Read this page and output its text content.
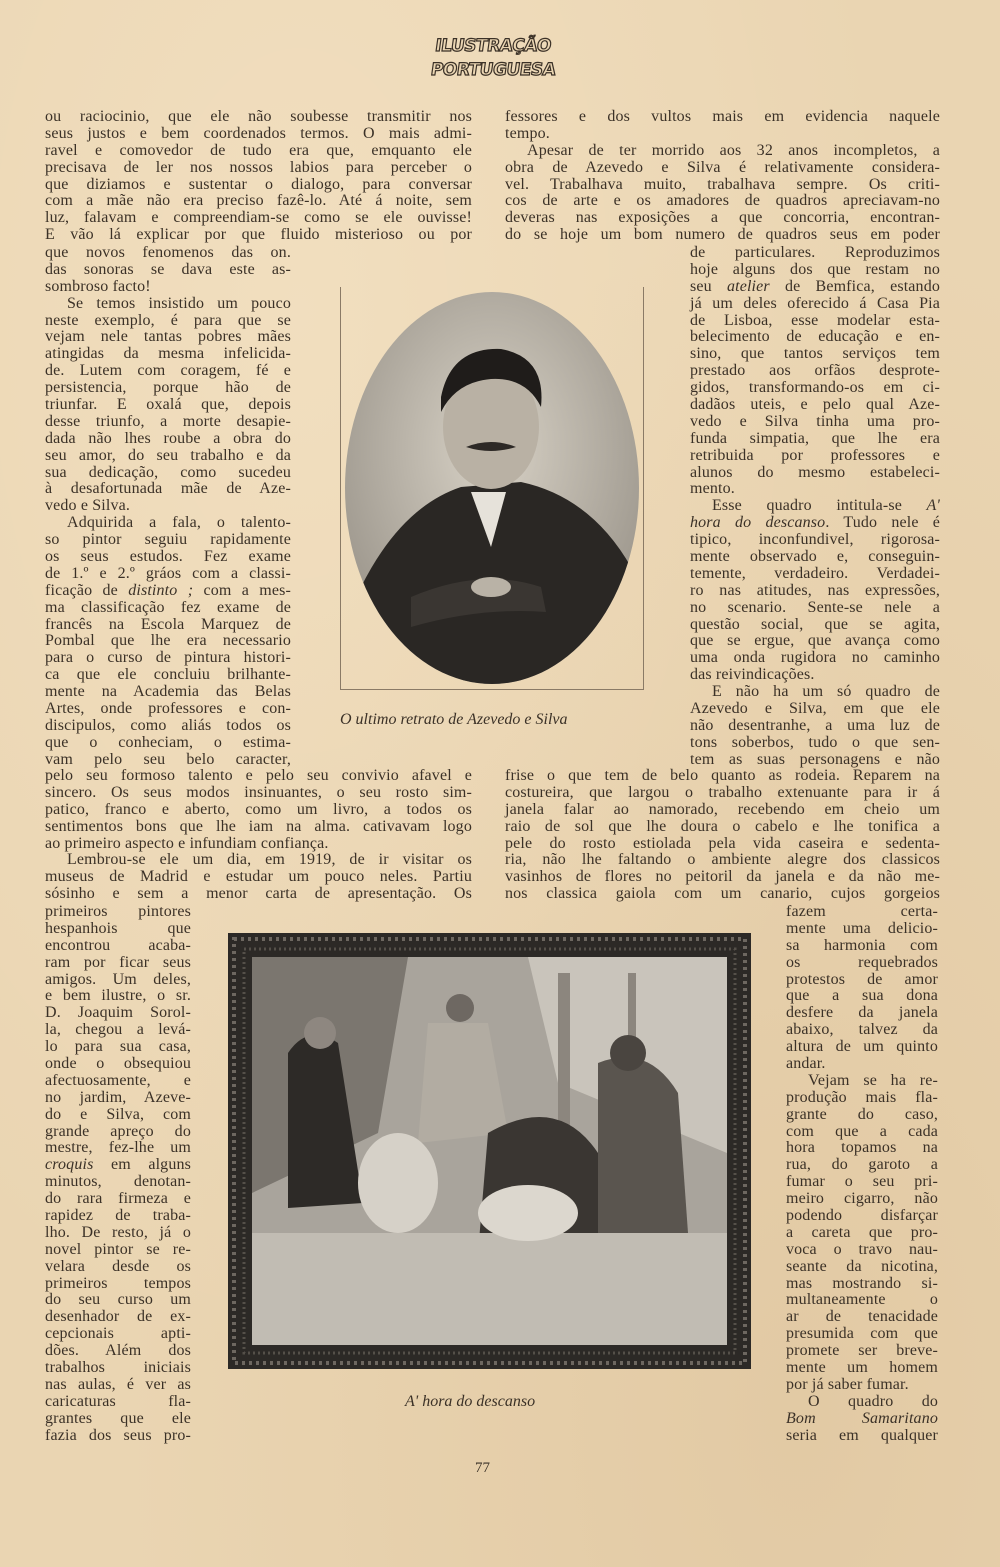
ILUSTRAÇÃO
PORTUGUESA
ou raciocinio, que ele não soubesse transmitir nos
seus justos e bem coordenados termos. O mais admi-
ravel e comovedor de tudo era que, emquanto ele
precisava de ler nos nossos labios para perceber o
que diziamos e sustentar o dialogo, para conversar
com a mãe não era preciso fazê-lo. Até á noite, sem
luz, falavam e compreendiam-se como se ele ouvisse!
E vão lá explicar por que fluido misterioso ou por
que novos fenomenos das on.
das sonoras se dava este as-
sombroso facto!
Se temos insistido um pouco
neste exemplo, é para que se
vejam nele tantas pobres mães
atingidas da mesma infelicida-
de. Lutem com coragem, fé e
persistencia, porque hão de
triunfar. E oxalá que, depois
desse triunfo, a morte desapie-
dada não lhes roube a obra do
seu amor, do seu trabalho e da
sua dedicação, como sucedeu
à desafortunada mãe de Aze-
vedo e Silva.
Adquirida a fala, o talento-
so pintor seguiu rapidamente
os seus estudos. Fez exame
de 1.º e 2.º gráos com a classi-
ficação de distinto ; com a mes-
ma classificação fez exame de
francês na Escola Marquez de
Pombal que lhe era necessario
para o curso de pintura histori-
ca que ele concluiu brilhante-
mente na Academia das Belas
Artes, onde professores e con-
discipulos, como aliás todos os
que o conheciam, o estima-
vam pelo seu belo caracter,
pelo seu formoso talento e pelo seu convivio afavel e
sincero. Os seus modos insinuantes, o seu rosto sim-
patico, franco e aberto, como um livro, a todos os
sentimentos bons que lhe iam na alma. cativavam logo
ao primeiro aspecto e infundiam confiança.
Lembrou-se ele um dia, em 1919, de ir visitar os
museus de Madrid e estudar um pouco neles. Partiu
sósinho e sem a menor carta de apresentação. Os
primeiros pintores
hespanhois que
encontrou acaba-
ram por ficar seus
amigos. Um deles,
e bem ilustre, o sr.
D. Joaquim Sorol-
la, chegou a levá-
lo para sua casa,
onde o obsequiou
afectuosamente, e
no jardim, Azeve-
do e Silva, com
grande apreço do
mestre, fez-lhe um
croquis em alguns
minutos, denotan-
do rara firmeza e
rapidez de traba-
lho. De resto, já o
novel pintor se re-
velara desde os
primeiros tempos
do seu curso um
desenhador de ex-
cepcionais apti-
dões. Além dos
trabalhos iniciais
nas aulas, é ver as
caricaturas fla-
grantes que ele
fazia dos seus pro-
fessores e dos vultos mais em evidencia naquele
tempo.
Apesar de ter morrido aos 32 anos incompletos, a
obra de Azevedo e Silva é relativamente considera-
vel. Trabalhava muito, trabalhava sempre. Os criti-
cos de arte e os amadores de quadros apreciavam-no
deveras nas exposições a que concorria, encontran-
do se hoje um bom numero de quadros seus em poder
de particulares. Reproduzimos
hoje alguns dos que restam no
seu atelier de Bemfica, estando
já um deles oferecido á Casa Pia
de Lisboa, esse modelar esta-
belecimento de educação e en-
sino, que tantos serviços tem
prestado aos orfãos desprote-
gidos, transformando-os em ci-
dadãos uteis, e pelo qual Aze-
vedo e Silva tinha uma pro-
funda simpatia, que lhe era
retribuida por professores e
alunos do mesmo estabeleci-
mento.
Esse quadro intitula-se A'
hora do descanso. Tudo nele é
tipico, inconfundivel, rigorosa-
mente observado e, conseguin-
temente, verdadeiro. Verdadei-
ro nas atitudes, nas expressões,
no scenario. Sente-se nele a
questão social, que se agita,
que se ergue, que avança como
uma onda rugidora no caminho
das reivindicações.
E não ha um só quadro de
Azevedo e Silva, em que ele
não desentranhe, a uma luz de
tons soberbos, tudo o que sen-
tem as suas personagens e não
frise o que tem de belo quanto as rodeia. Reparem na
costureira, que largou o trabalho extenuante para ir á
janela falar ao namorado, recebendo em cheio um
raio de sol que lhe doura o cabelo e lhe tonifica a
pele do rosto estiolada pela vida caseira e sedenta-
ria, não lhe faltando o ambiente alegre dos classicos
vasinhos de flores no peitoril da janela e da não me-
nos classica gaiola com um canario, cujos gorgeios
fazem certa-
mente uma delicio-
sa harmonia com
os requebrados
protestos de amor
que a sua dona
desfere da janela
abaixo, talvez da
altura de um quinto
andar.
Vejam se ha re-
produção mais fla-
grante do caso,
com que a cada
hora topamos na
rua, do garoto a
fumar o seu pri-
meiro cigarro, não
podendo disfarçar
a careta que pro-
voca o travo nau-
seante da nicotina,
mas mostrando si-
multaneamente o
ar de tenacidade
presumida com que
promete ser breve-
mente um homem
por já saber fumar.
O quadro do
Bom Samaritano
seria em qualquer
O ultimo retrato de Azevedo e Silva
A' hora do descanso
77
